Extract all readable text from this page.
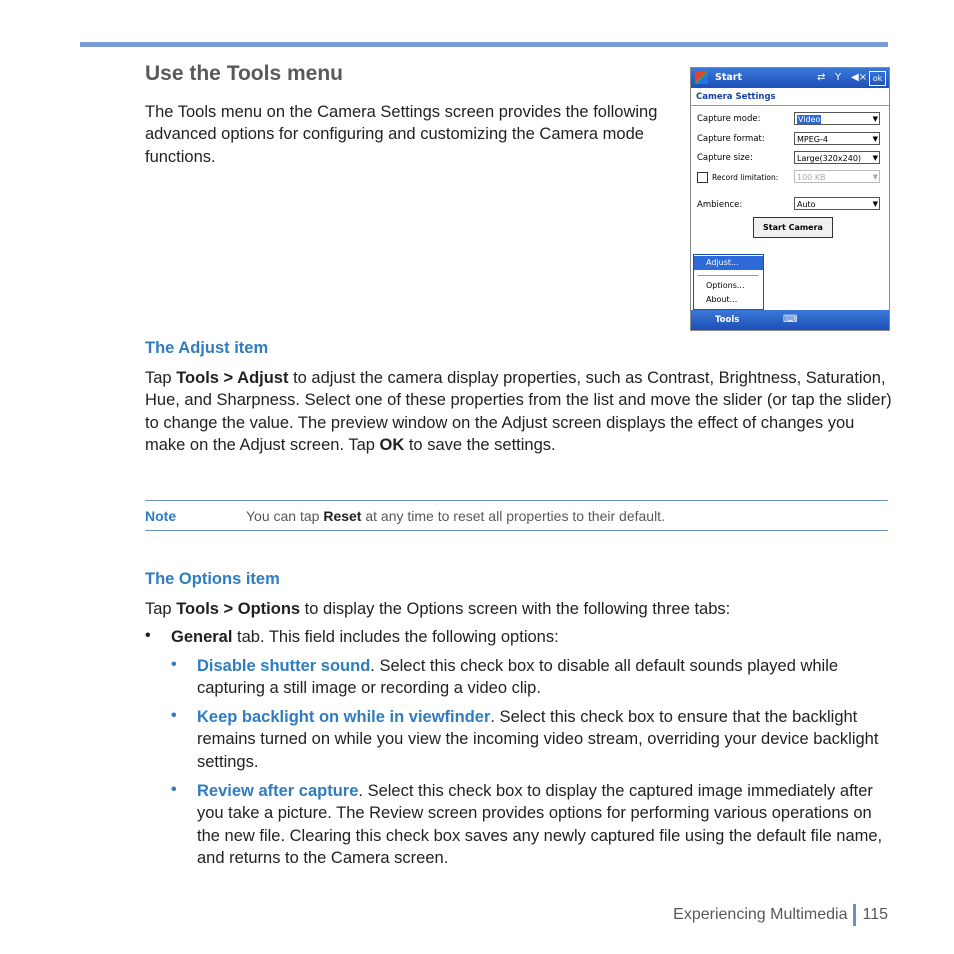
Use the Tools menu
The Tools menu on the Camera Settings screen provides the following advanced options for configuring and customizing the Camera mode functions.
Start	⇄ Y ◀× ok
Camera Settings
Capture mode:	Video	▼
Capture format:	MPEG-4	▼
Capture size:	Large(320x240) ▼
Record limitation:	100 KB	▼
Ambience:	Auto	▼
Start Camera
Adjust...
Options...
About...
Tools	⌨
The Adjust item
Tap Tools > Adjust to adjust the camera display properties, such as Contrast, Brightness, Saturation, Hue, and Sharpness. Select one of these properties from the list and move the slider (or tap the slider) to change the value. The preview window on the Adjust screen displays the effect of changes you make on the Adjust screen. Tap OK to save the settings.
Note	You can tap Reset at any time to reset all properties to their default.
The Options item
Tap Tools > Options to display the Options screen with the following three tabs:
• General tab. This field includes the following options:
• Disable shutter sound. Select this check box to disable all default sounds played while capturing a still image or recording a video clip.
• Keep backlight on while in viewfinder. Select this check box to ensure that the backlight remains turned on while you view the incoming video stream, overriding your device backlight settings.
• Review after capture. Select this check box to display the captured image immediately after you take a picture. The Review screen provides options for performing various operations on the new file. Clearing this check box saves any newly captured file using the default file name, and returns to the Camera screen.
Experiencing Multimedia 115
